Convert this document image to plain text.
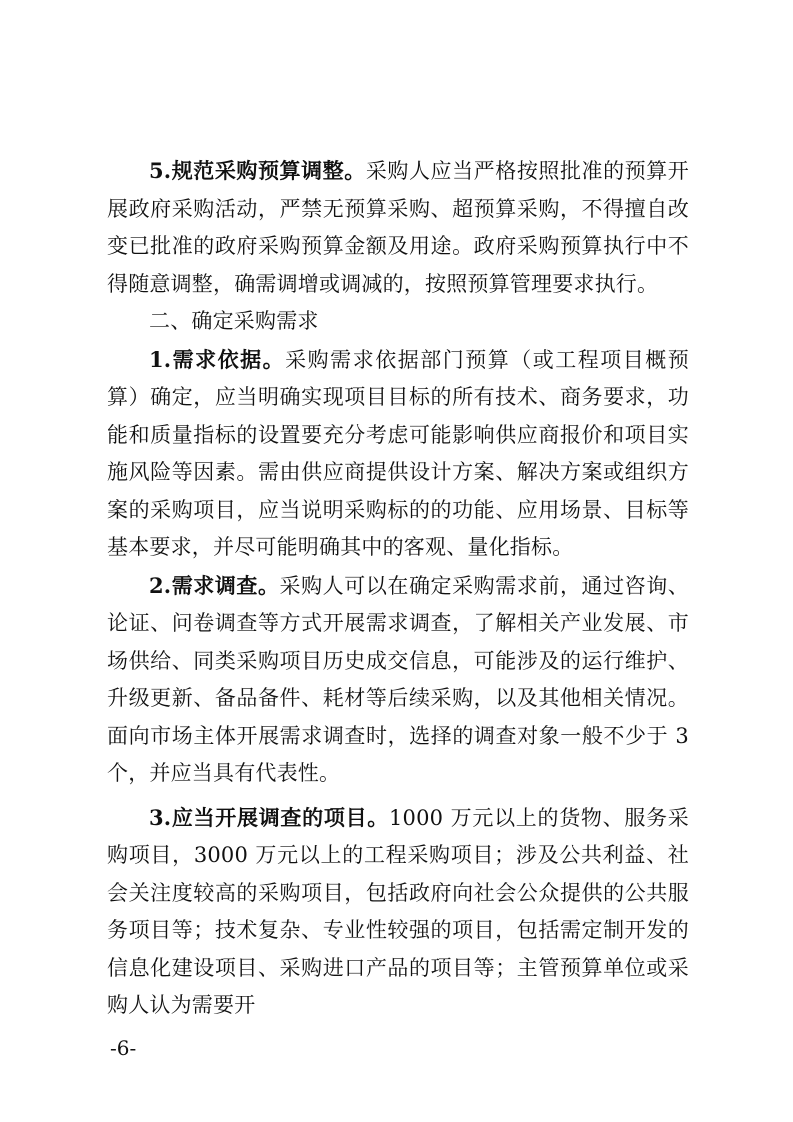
5.规范采购预算调整。采购人应当严格按照批准的预算开展政府采购活动，严禁无预算采购、超预算采购，不得擅自改变已批准的政府采购预算金额及用途。政府采购预算执行中不得随意调整，确需调增或调减的，按照预算管理要求执行。

二、确定采购需求

1.需求依据。采购需求依据部门预算（或工程项目概预算）确定，应当明确实现项目目标的所有技术、商务要求，功能和质量指标的设置要充分考虑可能影响供应商报价和项目实施风险等因素。需由供应商提供设计方案、解决方案或组织方案的采购项目，应当说明采购标的的功能、应用场景、目标等基本要求，并尽可能明确其中的客观、量化指标。

2.需求调查。采购人可以在确定采购需求前，通过咨询、论证、问卷调查等方式开展需求调查，了解相关产业发展、市场供给、同类采购项目历史成交信息，可能涉及的运行维护、升级更新、备品备件、耗材等后续采购，以及其他相关情况。面向市场主体开展需求调查时，选择的调查对象一般不少于 3 个，并应当具有代表性。

3.应当开展调查的项目。1000 万元以上的货物、服务采购项目，3000 万元以上的工程采购项目；涉及公共利益、社会关注度较高的采购项目，包括政府向社会公众提供的公共服务项目等；技术复杂、专业性较强的项目，包括需定制开发的信息化建设项目、采购进口产品的项目等；主管预算单位或采购人认为需要开

-6-
